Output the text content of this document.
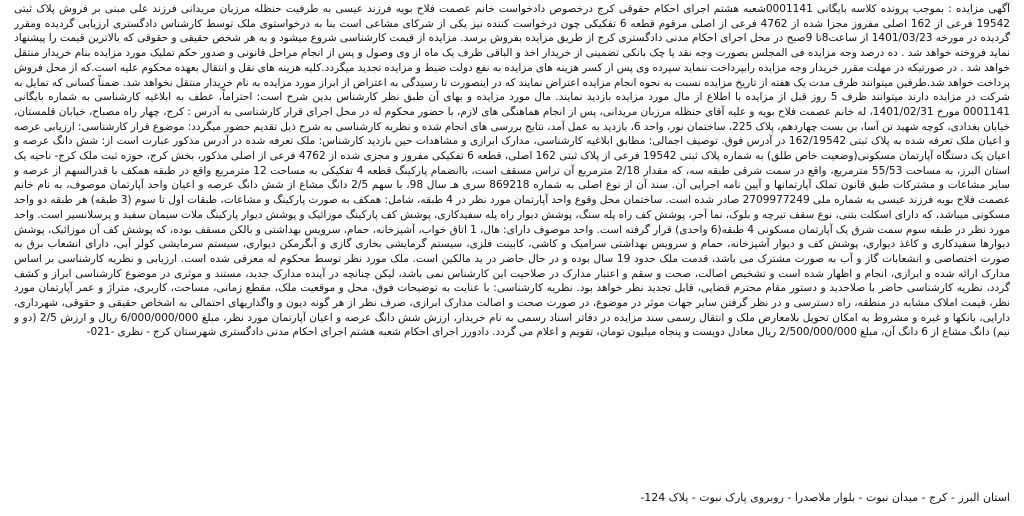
آگهی مزایده : بموجب پرونده کلاسه بایگانی 0001141شعبه هشتم اجرای احکام حقوقی کرج درخصوص دادخواست خانم عصمت فلاح بویه فرزند عیسی به طرفیت حنظله مرزبان مریدانی فرزند علی مبنی بر فروش پلاک ثبتی 19542 فرعی از 162 اصلی مفروز مجزا شده از 4762 فرعی از اصلی مرقوم قطعه 6 تفکیکی چون درخواست کننده نیز یکی از شرکای مشاعی است بنا به درخواستوی ملک توسط کارشناس دادگستری ارزیابی گردیده ومقرر گردیده در مورخه 1401/03/23 از ساعت8تا 9صبح در محل اجرای احکام مدنی دادگستری کرج از طریق مزایده بفروش برسد. مزایده از قیمت کارشناسی شروع میشود و به هر شخص حقیقی و حقوقی که بالاترین قیمت را پیشنهاد نماید فروخته خواهد شد . ده درصد وجه مزایده فی المجلس بصورت وجه نقد یا چک بانکی تضمینی از خریدار اخذ و الباقی ظرف یک ماه از وی وصول و پس از انجام مراحل قانونی و صدور حکم تملیک مورد مزایده بنام خریدار منتقل خواهد شد . در صورتیکه در مهلت مقرر خریدار وجه مزایده رابپرداخت ننماید سپرده وی پس از کسر هزینه های مزایده به نفع دولت ضبط و مزایده تجدید میگردد.کلیه هزینه های نقل و انتقال بعهده محکوم علیه است.که از محل فروش پرداخت خواهد شد.طرفین میتوانند ظرف مدت یک هفته از تاریخ مزایده نسبت به نحوه انجام مزایده اعتراض نمایند که در اینصورت تا رسیدگی به اعتراض از ابراز مورد مزایده به نام خریدار منتقل نخواهد شد. ضمناً کسانی که تمایل به شرکت در مزایده دارند میتوانند ظرف 5 روز قبل از مزایده با اطلاع از مال مورد مزایده بازدید نمایند. مال مورد مزایده و بهای آن طبق نظر کارشناس بدین شرح است: احتراماً، عطف به ابلاغیه کارشناسی به شماره بایگانی 0001141 مورخ 1401/02/31، له خانم عصمت فلاح بویه و علیه آقای حنظله مرزبان مریدانی، پس از انجام هماهنگی های لازم، با حضور محکوم له در محل اجرای قرار کارشناسی به آدرس : کرج، چهار راه مصباح، خیابان قلمستان، خیابان بغدادی، کوچه شهید تن آسا، بن بست چهاردهم، پلاک 225، ساختمان نور، واحد 6، بازدید به عمل آمد، نتایج بررسی های انجام شده و نظریه کارشناسی به شرح ذیل تقدیم حضور میگردد: موضوع قرار کارشناسی: ارزیابی عرصه و اعیان ملک تعرفه شده به پلاک ثبتی 162/19542 در آدرس فوق. توصیف اجمالی: مطابق ابلاغیه کارشناسی، مدارک ابرازی و مشاهدات حین بازدید کارشناس: ملک تعرفه شده در آدرس مذکور عبارت است از: شش دانگ عرصه و اعیان یک دستگاه آپارتمان مسکونی(وضعیت خاص طلق) به شماره پلاک ثبتی 19542 فرعی از پلاک ثبتی 162 اصلی، قطعه 6 تفکیکی مفروز و مجزی شده از 4762 فرعی از اصلی مذکور، بخش کرج، حوزه ثبت ملک کرج- ناحیه یک استان البرز، به مساحت 55/53 مترمربع، واقع در سمت شرقی طبقه سه، که مقدار 2/18 مترمربع آن تراس مسقف است، باانضمام پارکینگ قطعه 4 تفکیکی به مساحت 12 مترمربع واقع در طبقه همکف با قدرالسهم از عرصه و سایر مشاعات و مشترکات طبق قانون تملک آپارتمانها و آیین نامه اجرایی آن. سند آن از نوع اصلی به شماره 869218 سری هـ سال 98، با سهم 2/5 دانگ مشاع از شش دانگ عرصه و اعیان واحد آپارتمان موصوف، به نام خانم عصمت فلاح بویه فرزند عیسی به شماره ملی 2709977249 صادر شده است. ساختمان محل وقوع واحد آپارتمان مورد نظر در 4 طبقه، شامل: همکف به صورت پارکینگ و مشاعات، طبقات اول تا سوم (3 طبقه) هر طبقه دو واحد مسکونی میباشد، که دارای اسکلت بتنی، نوع سقف تیرچه و بلوک، نما آجر، پوشش کف راه پله سنگ، پوشش دیوار راه پله سفیدکاری، پوشش کف پارکینگ موزائیک و پوشش دیوار پارکینگ ملات سیمان سفید و پرسلانسیر است. واحد مورد نظر در طبقه سوم سمت شرق یک آپارتمان مسکونی 4 طبقه(6 واحدی) قرار گرفته است. واحد موصوف دارای: هال، 1 اتاق خواب، آشپزخانه، حمام، سرویس بهداشتی و بالکن مسقف بوده، که پوشش کف آن موزائیک، پوشش دیوارها سفیدکاری و کاغذ دیواری، پوشش کف و دیوار آشپزخانه، حمام و سرویس بهداشتی سرامیک و کاشی، کابینت فلزی، سیستم گرمایشی بخاری گازی و آبگرمکن دیواری، سیستم سرمایشی کولر آبی، دارای انشعاب برق به صورت اختصاصی و انشعابات گاز و آب به صورت مشترک می باشد، قدمت ملک حدود 19 سال بوده و در حال حاضر در ید مالکین است. ملک مورد نظر توسط محکوم له معرفی شده است. ارزیابی و نظریه کارشناسی بر اساس مدارک ارائه شده و ابرازی، انجام و اظهار شده است و تشخیص اصالت، صحت و سقم و اعتبار مدارک در صلاحیت این کارشناس نمی باشد، لیکن چنانچه در آینده مدارک جدید، مستند و موثری در موضوع کارشناسی ابراز و کشف گردد، نظریه کارشناسی حاضر با صلاحدید و دستور مقام محترم قضایی، قابل تجدید نظر خواهد بود. نظریه کارشناسی: با عنایت به توضیحات فوق، محل و موقعیت ملک، مقطع زمانی، مساحت، کاربری، متراژ و عمر آپارتمان مورد نظر، قیمت املاک مشابه در منطقه، راه دسترسی و در نظر گرفتن سایر جهات موثر در موضوع، در صورت صحت و اصالت مدارک ابرازی، صرف نظر از هر گونه دیون و واگذاریهای احتمالی به اشخاص حقیقی و حقوقی، شهرداری، دارایی، بانکها و غیره و مشروط به امکان تحویل بلامعارض ملک و انتقال رسمی سند مزایده در دفاتر اسناد رسمی به نام خریدار، ارزش شش دانگ عرصه و اعیان آپارتمان مورد نظر، مبلغ 6/000/000/000 ریال و ارزش 2/5 (دو و نیم) دانگ مشاع از 6 دانگ آن، مبلغ 2/500/000/000 ریال معادل دویست و پنجاه میلیون تومان، تقویم و اعلام می گردد. دادورز اجرای احکام شعبه هشتم اجرای احکام مدنی دادگستری شهرستان کرج - نظری -021-

استان البرز - کرج - میدان نبوت - بلوار ملاصدرا - روبروی پارک نبوت - پلاک 124-
